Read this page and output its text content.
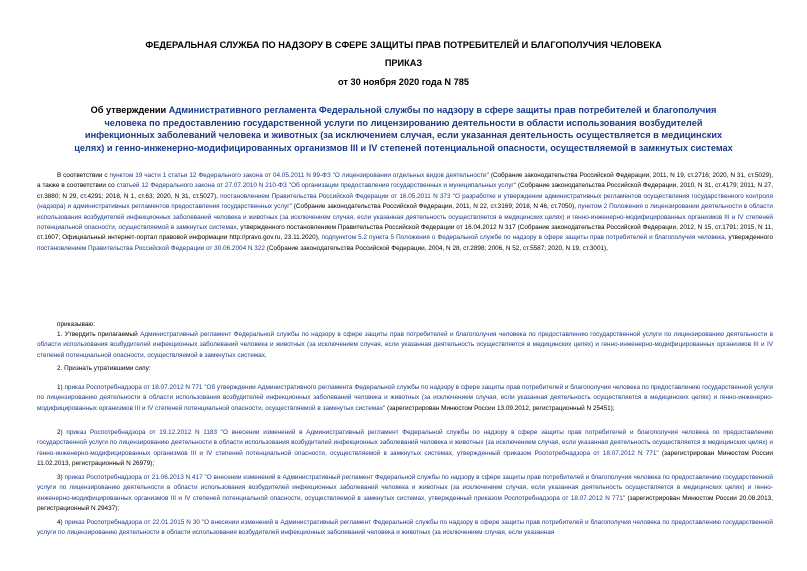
ФЕДЕРАЛЬНАЯ СЛУЖБА ПО НАДЗОРУ В СФЕРЕ ЗАЩИТЫ ПРАВ ПОТРЕБИТЕЛЕЙ И БЛАГОПОЛУЧИЯ ЧЕЛОВЕКА
ПРИКАЗ
от 30 ноября 2020 года N 785
Об утверждении Административного регламента Федеральной службы по надзору в сфере защиты прав потребителей и благополучия человека по предоставлению государственной услуги по лицензированию деятельности в области использования возбудителей инфекционных заболеваний человека и животных (за исключением случая, если указанная деятельность осуществляется в медицинских целях) и генно-инженерно-модифицированных организмов III и IV степеней потенциальной опасности, осуществляемой в замкнутых системах
В соответствии с пунктом 19 части 1 статьи 12 Федерального закона от 04.05.2011 N 99-ФЗ "О лицензировании отдельных видов деятельности" (Собрание законодательства Российской Федерации, 2011, N 19, ст.2716; 2020, N 31, ст.5029), а также в соответствии со статьей 12 Федерального закона от 27.07.2010 N 210-ФЗ "Об организации предоставления государственных и муниципальных услуг" (Собрание законодательства Российской Федерации, 2010, N 31, ст.4179; 2011, N 27, ст.3880; N 29, ст.4291; 2018, N 1, ст.63; 2020, N 31, ст.5027), постановлением Правительства Российской Федерации от 16.05.2011 N 373 "О разработке и утверждении административных регламентов осуществления государственного контроля (надзора) и административных регламентов предоставления государственных услуг" (Собрание законодательства Российской Федерации, 2011, N 22, ст.3169; 2018, N 46, ст.7050), пунктом 2 Положения о лицензировании деятельности в области использования возбудителей инфекционных заболеваний человека и животных (за исключением случая, если указанная деятельность осуществляется в медицинских целях) и генно-инженерно-модифицированных организмов III и IV степеней потенциальной опасности, осуществляемой в замкнутых системах, утвержденного постановлением Правительства Российской Федерации от 16.04.2012 N 317 (Собрание законодательства Российской Федерации, 2012, N 15, ст.1791; 2015, N 11, ст.1607; Официальный интернет-портал правовой информации http://pravo.gov.ru, 23.11.2020), подпунктом 5.2 пункта 5 Положения о Федеральной службе по надзору в сфере защиты прав потребителей и благополучия человека, утвержденного постановлением Правительства Российской Федерации от 30.06.2004 N 322 (Собрание законодательства Российской Федерации, 2004, N 28, ст.2898; 2006, N 52, ст.5587; 2020, N 19, ст.3001),
приказываю:
1. Утвердить прилагаемый Административный регламент Федеральной службы по надзору в сфере защиты прав потребителей и благополучия человека по предоставлению государственной услуги по лицензированию деятельности в области использования возбудителей инфекционных заболеваний человека и животных (за исключением случая, если указанная деятельность осуществляется в медицинских целях) и генно-инженерно-модифицированных организмов III и IV степеней потенциальной опасности, осуществляемой в замкнутых системах.
2. Признать утратившими силу:
1) приказ Роспотребнадзора от 18.07.2012 N 771 "Об утверждении Административного регламента Федеральной службы по надзору в сфере защиты прав потребителей и благополучия человека по предоставлению государственной услуги по лицензированию деятельности в области использования возбудителей инфекционных заболеваний человека и животных (за исключением случая, если указанная деятельность осуществляется в медицинских целях) и генно-инженерно-модифицированных организмов III и IV степеней потенциальной опасности, осуществляемой в замкнутых системах" (зарегистрирован Минюстом России 13.09.2012, регистрационный N 25451);
2) приказ Роспотребнадзора от 19.12.2012 N 1183 "О внесении изменений в Административный регламент Федеральной службы по надзору в сфере защиты прав потребителей и благополучия человека по предоставлению государственной услуги по лицензированию деятельности в области использования возбудителей инфекционных заболеваний человека и животных (за исключением случая, если указанная деятельность осуществляется в медицинских целях) и генно-инженерно-модифицированных организмов III и IV степеней потенциальной опасности, осуществляемой в замкнутых системах, утвержденный приказом Роспотребнадзора от 18.07.2012 N 771" (зарегистрирован Минюстом России 11.02.2013, регистрационный N 26979);
3) приказ Роспотребнадзора от 21.06.2013 N 417 "О внесении изменений в Административный регламент Федеральной службы по надзору в сфере защиты прав потребителей и благополучия человека по предоставлению государственной услуги по лицензированию деятельности в области использования возбудителей инфекционных заболеваний человека и животных (за исключением случая, если указанная деятельность осуществляется в медицинских целях) и генно-инженерно-модифицированных организмов III и IV степеней потенциальной опасности, осуществляемой в замкнутых системах, утвержденный приказом Роспотребнадзора от 18.07.2012 N 771" (зарегистрирован Минюстом России 20.08.2013, регистрационный N 29437);
4) приказ Роспотребнадзора от 22.01.2015 N 30 "О внесении изменений в Административный регламент Федеральной службы по надзору в сфере защиты прав потребителей и благополучия человека по предоставлению государственной услуги по лицензированию деятельности в области использования возбудителей инфекционных заболеваний человека и животных (за исключением случая, если указанная
